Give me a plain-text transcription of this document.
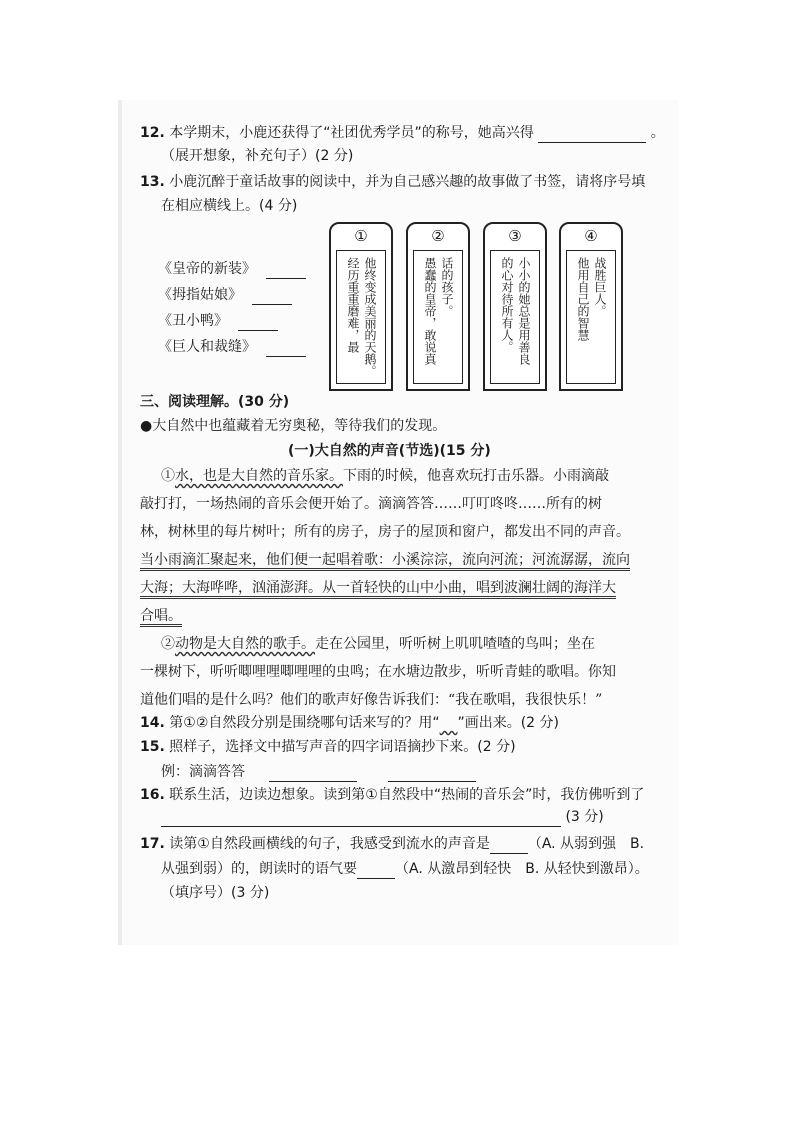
12. 本学期末，小鹿还获得了“社团优秀学员”的称号，她高兴得	。
（展开想象，补充句子）(2 分)
13. 小鹿沉醉于童话故事的阅读中，并为自己感兴趣的故事做了书签，请将序号填
在相应横线上。(4 分)
《皇帝的新装》
《拇指姑娘》
《丑小鸭》
《巨人和裁缝》
①
他终变成美丽的天鹅。
经历重重磨难，最
②
话的孩子。
愚蠢的皇帝，敢说真
③
小小的她总是用善良
的心对待所有人。
④
战胜巨人。
他用自己的智慧
三、阅读理解。(30 分)
●大自然中也蕴藏着无穷奥秘，等待我们的发现。
(一)大自然的声音(节选)(15 分)
①水，也是大自然的音乐家。下雨的时候，他喜欢玩打击乐器。小雨滴敲
敲打打，一场热闹的音乐会便开始了。滴滴答答……叮叮咚咚……所有的树
林，树林里的每片树叶；所有的房子，房子的屋顶和窗户，都发出不同的声音。
当小雨滴汇聚起来，他们便一起唱着歌：小溪淙淙，流向河流；河流潺潺，流向
大海；大海哗哗，汹涌澎湃。从一首轻快的山中小曲，唱到波澜壮阔的海洋大
合唱。
②动物是大自然的歌手。走在公园里，听听树上叽叽喳喳的鸟叫；坐在
一棵树下，听听唧哩哩唧哩哩的虫鸣；在水塘边散步，听听青蛙的歌唱。你知
道他们唱的是什么吗？他们的歌声好像告诉我们：“我在歌唱，我很快乐！”
14. 第①②自然段分别是围绕哪句话来写的？用“ ”画出来。(2 分)
15. 照样子，选择文中描写声音的四字词语摘抄下来。(2 分)
例：滴滴答答
16. 联系生活，边读边想象。读到第①自然段中“热闹的音乐会”时，我仿佛听到了
(3 分)
17. 读第①自然段画横线的句子，我感受到流水的声音是	（A. 从弱到强　B.
从强到弱）的，朗读时的语气要	（A. 从激昂到轻快　B. 从轻快到激昂）。
（填序号）(3 分)
